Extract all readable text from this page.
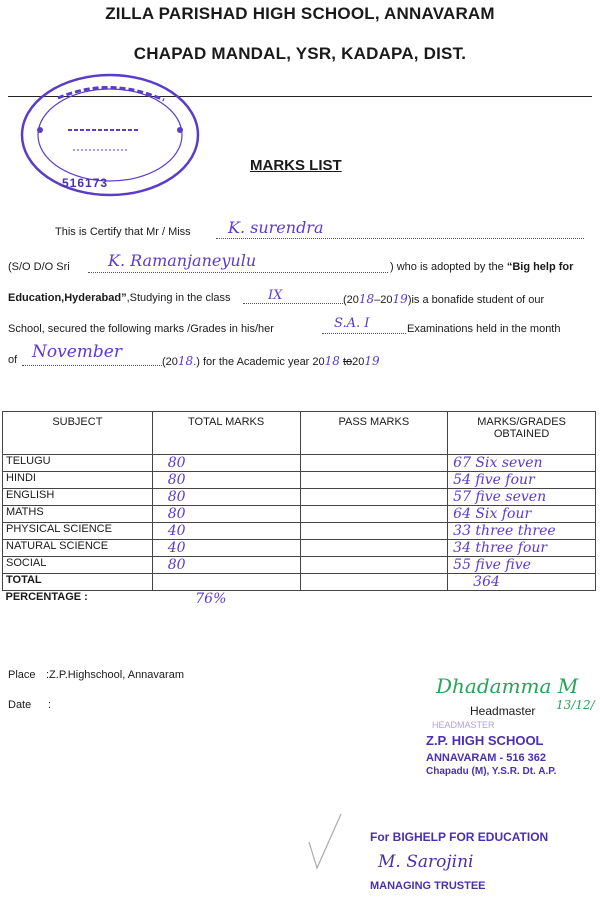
ZILLA PARISHAD HIGH SCHOOL, ANNAVARAM
CHAPAD MANDAL, YSR, KADAPA, DIST.
516173
MARKS LIST
This is Certify that Mr / Miss	K. surendra
(S/O D/O Sri	K. Ramanjaneyulu	) who is adopted by the “Big help for
Education,Hyderabad”,Studying in the class	$^{IX}$	(2018–2019)is a bonafide student of our
School, secured the following marks /Grades in his/her	$^{S.A. I}$	Examinations held in the month
of November	(2018.) for the Academic year 2018 to2019
SUBJECT	TOTAL MARKS	PASS MARKS	MARKS/GRADES
OBTAINED
TELUGU	80		67 Six seven
HINDI	80		54 five four
ENGLISH	80		57 five seven
MATHS	80		64 Six four
PHYSICAL SCIENCE	40		33 three three
NATURAL SCIENCE	40		34 three four
SOCIAL	80		55 five five
TOTAL			364
PERCENTAGE :	76%		
Place :Z.P.Highschool, Annavaram
Date :
Dhadamma M
13/12/
Headmaster
HEADMASTER
Z.P. HIGH SCHOOL
ANNAVARAM - 516 362
Chapadu (M), Y.S.R. Dt. A.P.
For BIGHELP FOR EDUCATION
M. Sarojini
MANAGING TRUSTEE
